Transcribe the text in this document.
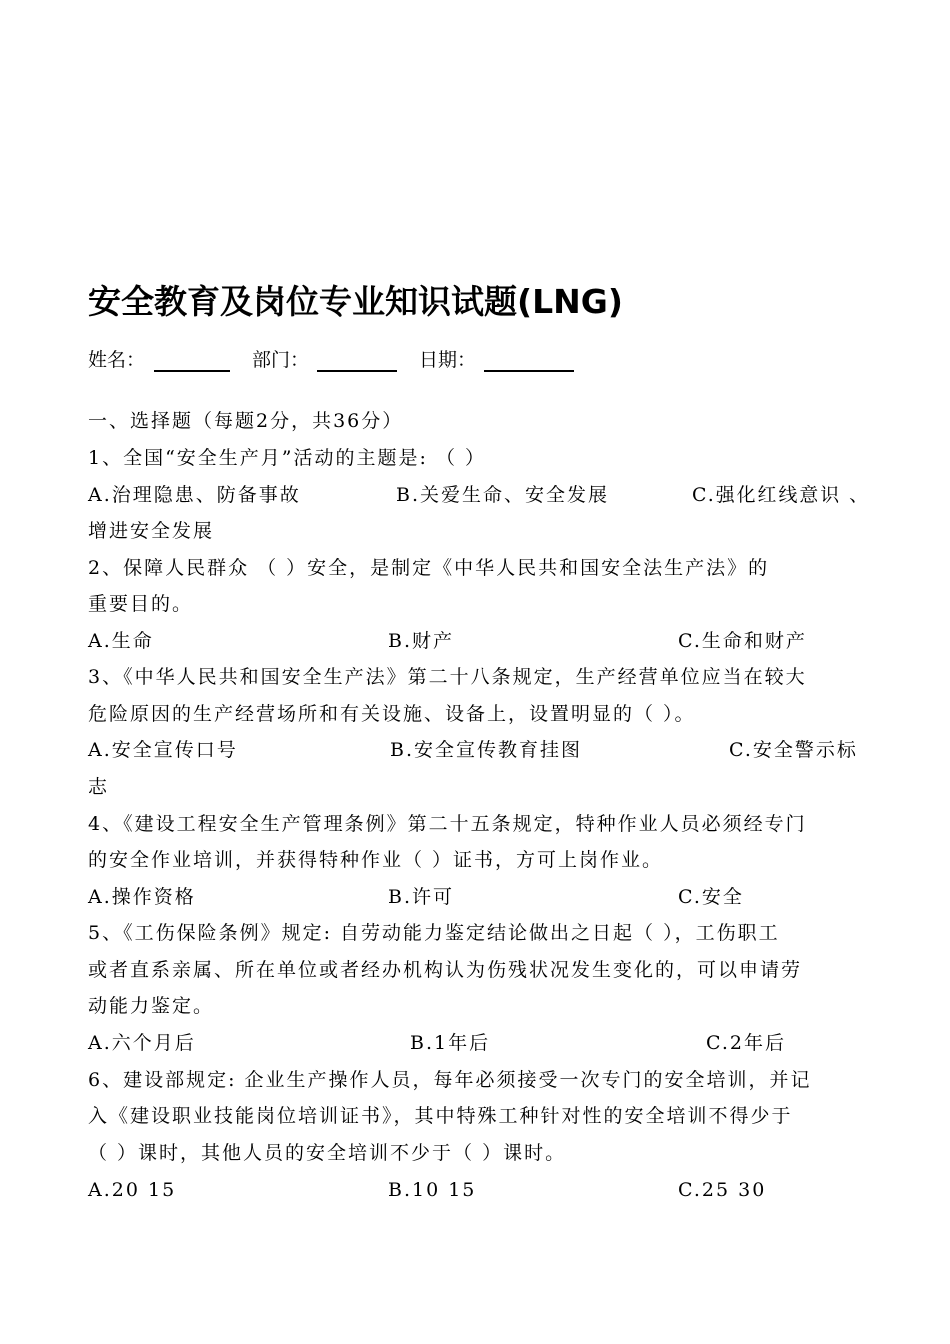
安全教育及岗位专业知识试题(LNG)
姓名：	部门：	日期：
一、选择题（每题2分，共36分）
1、全国“安全生产月”活动的主题是: （ ）
A.治理隐患、防备事故	B.关爱生命、安全发展	C.强化红线意识 、
增进安全发展
2、保障人民群众 （ ）安全，是制定《中华人民共和国安全法生产法》的
重要目的。
A.生命	B.财产	C.生命和财产
3、《中华人民共和国安全生产法》第二十八条规定，生产经营单位应当在较大
危险原因的生产经营场所和有关设施、设备上，设置明显的（ ）。
A.安全宣传口号	B.安全宣传教育挂图	C.安全警示标
志
4、《建设工程安全生产管理条例》第二十五条规定，特种作业人员必须经专门
的安全作业培训，并获得特种作业（ ）证书，方可上岗作业。
A.操作资格	B.许可	C.安全
5、《工伤保险条例》规定: 自劳动能力鉴定结论做出之日起（ ），工伤职工
或者直系亲属、所在单位或者经办机构认为伤残状况发生变化的，可以申请劳
动能力鉴定。
A.六个月后	B.1年后	C.2年后
6、建设部规定: 企业生产操作人员，每年必须接受一次专门的安全培训，并记
入《建设职业技能岗位培训证书》，其中特殊工种针对性的安全培训不得少于
（ ）课时，其他人员的安全培训不少于（ ）课时。
A.20 15	B.10 15	C.25 30
